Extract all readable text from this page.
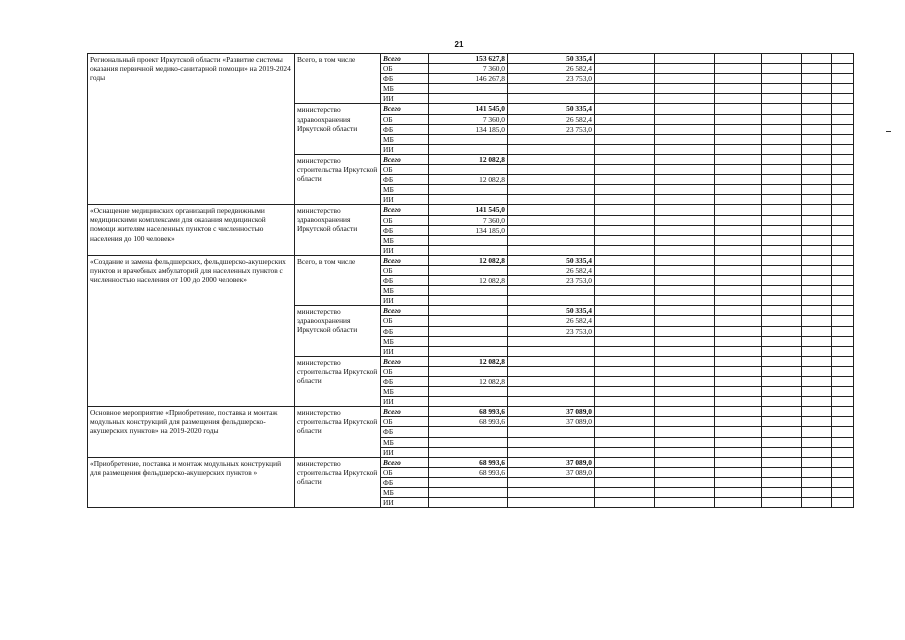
21
Региональный проект Иркутской области «Развитие системы оказания первичной медико-санитарной помощи» на 2019-2024 годы	Всего, в том числе	Всего	153 627,8	50 335,4						
		ОБ	7 360,0	26 582,4						
		ФБ	146 267,8	23 753,0						
		МБ								
		ИИ								
	министерство здравоохранения Иркутской области	Всего	141 545,0	50 335,4						
		ОБ	7 360,0	26 582,4						
		ФБ	134 185,0	23 753,0						
		МБ								
		ИИ								
	министерство строительства Иркутской области	Всего	12 082,8							
		ОБ								
		ФБ	12 082,8							
		МБ								
		ИИ								
«Оснащение медицинских организаций передвижными медицинскими комплексами для оказания медицинской помощи жителям населенных пунктов с численностью населения до 100 человек»	министерство здравоохранения Иркутской области	Всего	141 545,0							
		ОБ	7 360,0							
		ФБ	134 185,0							
		МБ								
		ИИ								
«Создание и замена фельдшерских, фельдшерско-акушерских пунктов и врачебных амбулаторий для населенных пунктов с численностью населения от 100 до 2000 человек»	Всего, в том числе	Всего	12 082,8	50 335,4						
		ОБ		26 582,4						
		ФБ	12 082,8	23 753,0						
		МБ								
		ИИ								
	министерство здравоохранения Иркутской области	Всего		50 335,4						
		ОБ		26 582,4						
		ФБ		23 753,0						
		МБ								
		ИИ								
	министерство строительства Иркутской области	Всего	12 082,8							
		ОБ								
		ФБ	12 082,8							
		МБ								
		ИИ								
Основное мероприятие «Приобретение, поставка и монтаж модульных конструкций для размещения фельдшерско-акушерских пунктов» на 2019-2020 годы	министерство строительства Иркутской области	Всего	68 993,6	37 089,0						
		ОБ	68 993,6	37 089,0						
		ФБ								
		МБ								
		ИИ								
«Приобретение, поставка и монтаж модульных конструкций для размещения фельдшерско-акушерских пунктов »	министерство строительства Иркутской области	Всего	68 993,6	37 089,0						
		ОБ	68 993,6	37 089,0						
		ФБ								
		МБ								
		ИИ								
